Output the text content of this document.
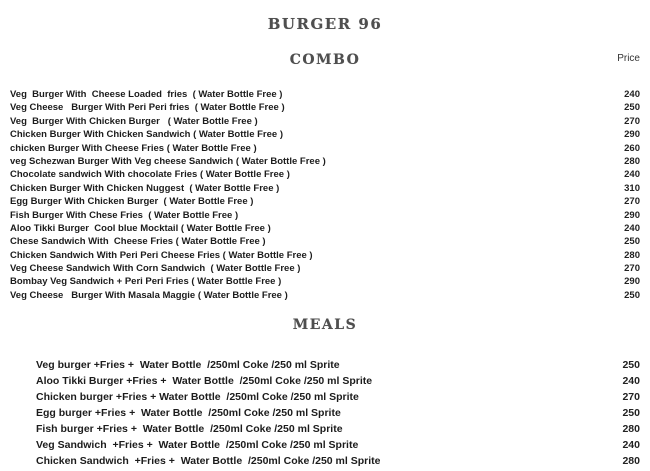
BURGER 96
COMBO	Price
Veg  Burger With  Cheese Loaded  fries  ( Water Bottle Free )	240
Veg Cheese   Burger With Peri Peri fries  ( Water Bottle Free )	250
Veg  Burger With Chicken Burger   ( Water Bottle Free )	270
Chicken Burger With Chicken Sandwich ( Water Bottle Free )	290
chicken Burger With Cheese Fries ( Water Bottle Free )	260
veg Schezwan Burger With Veg cheese Sandwich ( Water Bottle Free )	280
Chocolate sandwich With chocolate Fries ( Water Bottle Free )	240
Chicken Burger With Chicken Nuggest  ( Water Bottle Free )	310
Egg Burger With Chicken Burger  ( Water Bottle Free )	270
Fish Burger With Chese Fries  ( Water Bottle Free )	290
Aloo Tikki Burger  Cool blue Mocktail ( Water Bottle Free )	240
Chese Sandwich With  Cheese Fries ( Water Bottle Free )	250
Chicken Sandwich With Peri Peri Cheese Fries ( Water Bottle Free )	280
Veg Cheese Sandwich With Corn Sandwich  ( Water Bottle Free )	270
Bombay Veg Sandwich + Peri Peri Fries ( Water Bottle Free )	290
Veg Cheese   Burger With Masala Maggie ( Water Bottle Free )	250
MEALS
Veg burger +Fries +  Water Bottle  /250ml Coke /250 ml Sprite	250
Aloo Tikki Burger +Fries +  Water Bottle  /250ml Coke /250 ml Sprite	240
Chicken burger +Fries + Water Bottle  /250ml Coke /250 ml Sprite	270
Egg burger +Fries +  Water Bottle  /250ml Coke /250 ml Sprite	250
Fish burger +Fries +  Water Bottle  /250ml Coke /250 ml Sprite	280
Veg Sandwich  +Fries +  Water Bottle  /250ml Coke /250 ml Sprite	240
Chicken Sandwich  +Fries +  Water Bottle  /250ml Coke /250 ml Sprite	280
